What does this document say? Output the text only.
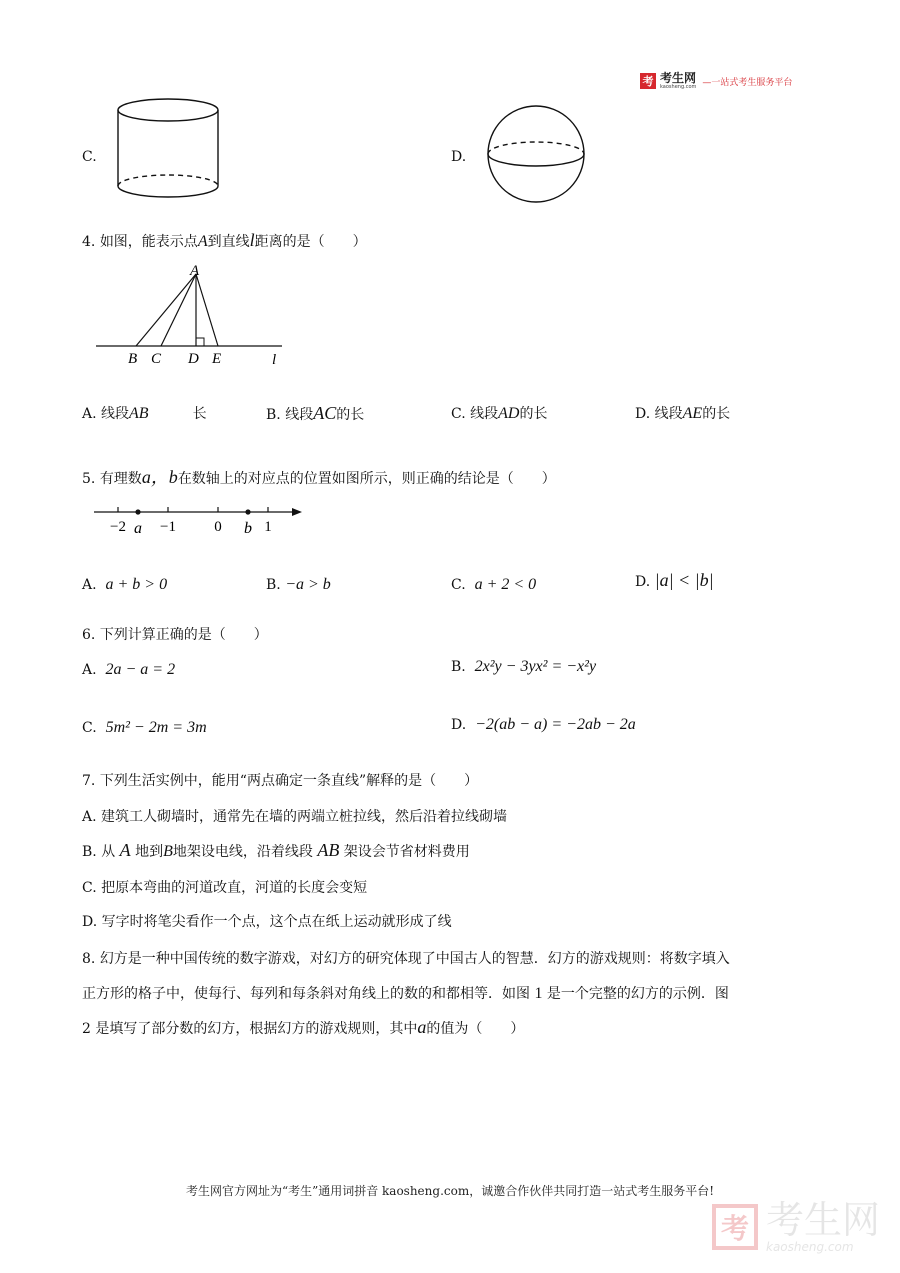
考 考生网
kaosheng.com —一站式考生服务平台
C.	D.
4. 如图，能表示点A到直线l距离的是（　　）
A
B C D E	l
A. 线段AB	长	B. 线段AC的长	C. 线段AD的长	D. 线段AE的长
5. 有理数a，b在数轴上的对应点的位置如图所示，则正确的结论是（　　）
−2 −1	0	1
a	b
A. a + b > 0	B. −a > b	C. a + 2 < 0	D. |a| < |b|
6. 下列计算正确的是（　　）
A. 2a − a = 2	B. 2x²y − 3yx² = −x²y
C. 5m² − 2m = 3m	D. −2(ab − a) = −2ab − 2a
7. 下列生活实例中，能用“两点确定一条直线”解释的是（　　）
A. 建筑工人砌墙时，通常先在墙的两端立桩拉线，然后沿着拉线砌墙
B. 从 A 地到B地架设电线，沿着线段 AB 架设会节省材料费用
C. 把原本弯曲的河道改直，河道的长度会变短
D. 写字时将笔尖看作一个点，这个点在纸上运动就形成了线
8. 幻方是一种中国传统的数字游戏，对幻方的研究体现了中国古人的智慧．幻方的游戏规则：将数字填入
正方形的格子中，使每行、每列和每条斜对角线上的数的和都相等．如图 1 是一个完整的幻方的示例．图
2 是填写了部分数的幻方，根据幻方的游戏规则，其中a的值为（　　）
考生网官方网址为“考生”通用词拼音 kaosheng.com，诚邀合作伙伴共同打造一站式考生服务平台!
考 考生网
kaosheng.com
